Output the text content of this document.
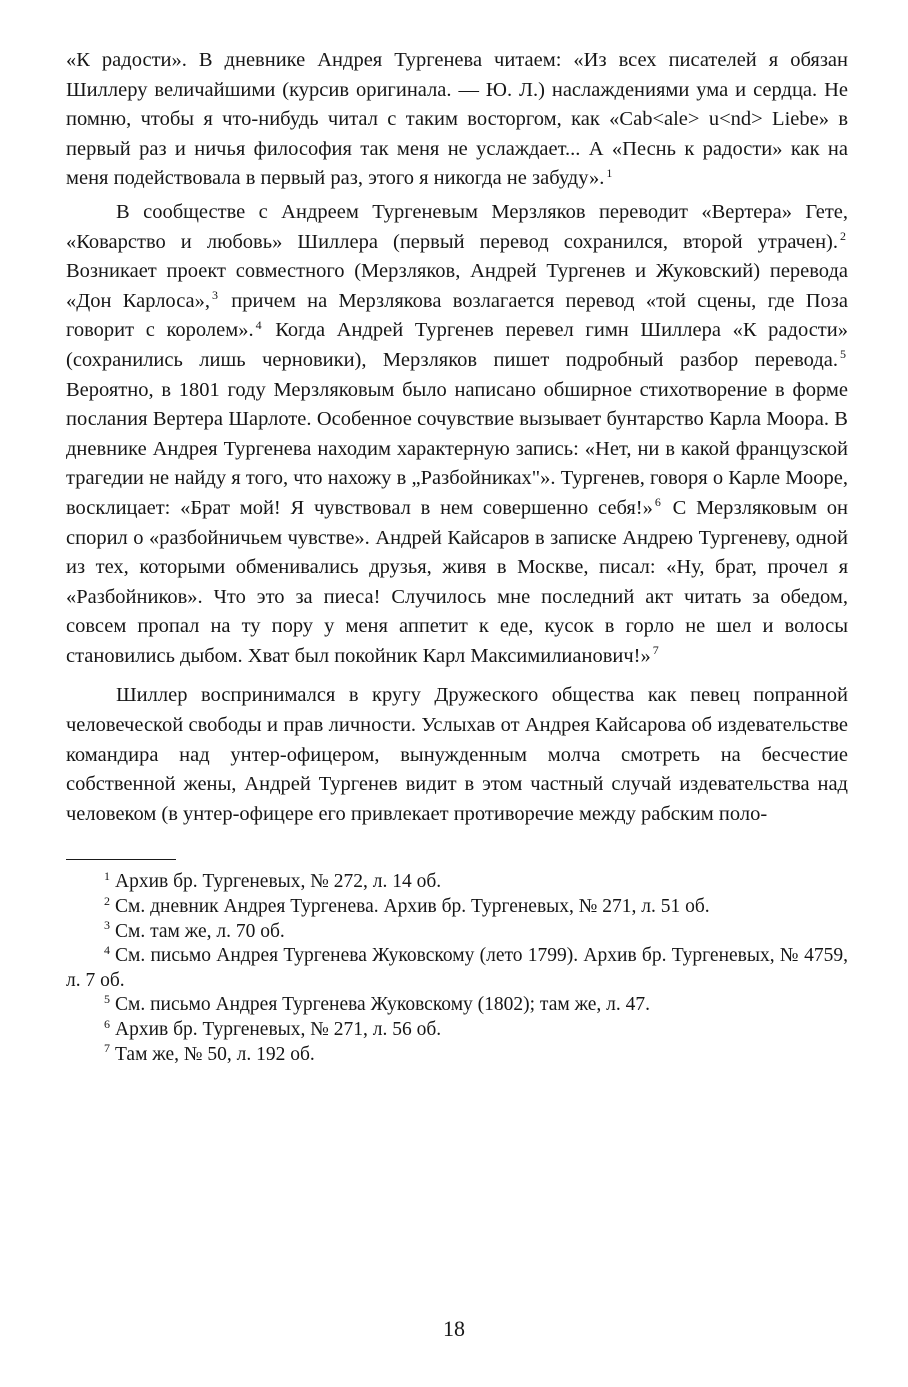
«К радости». В дневнике Андрея Тургенева читаем: «Из всех писателей я обязан Шиллеру величайшими (курсив оригинала. — Ю. Л.) наслаждениями ума и сердца. Не помню, чтобы я что-нибудь читал с таким восторгом, как «Cab<ale> u<nd> Liebe» в первый раз и ничья философия так меня не услаждает... А «Песнь к радости» как на меня подействовала в первый раз, этого я никогда не забуду». $^1$

В сообществе с Андреем Тургеневым Мерзляков переводит «Вертера» Гете, «Коварство и любовь» Шиллера (первый перевод сохранился, второй утрачен). $^2$ Возникает проект совместного (Мерзляков, Андрей Тургенев и Жуковский) перевода «Дон Карлоса», $^3$ причем на Мерзлякова возлагается перевод «той сцены, где Поза говорит с королем». $^4$ Когда Андрей Тургенев перевел гимн Шиллера «К радости» (сохранились лишь черновики), Мерзляков пишет подробный разбор перевода. $^5$ Вероятно, в 1801 году Мерзляковым было написано обширное стихотворение в форме послания Вертера Шарлоте. Особенное сочувствие вызывает бунтарство Карла Моора. В дневнике Андрея Тургенева находим характерную запись: «Нет, ни в какой французской трагедии не найду я того, что нахожу в „Разбойниках"». Тургенев, говоря о Карле Мооре, восклицает: «Брат мой! Я чувствовал в нем совершенно себя!» $^6$ С Мерзляковым он спорил о «разбойничьем чувстве». Андрей Кайсаров в записке Андрею Тургеневу, одной из тех, которыми обменивались друзья, живя в Москве, писал: «Ну, брат, прочел я «Разбойников». Что это за пиеса! Случилось мне последний акт читать за обедом, совсем пропал на ту пору у меня аппетит к еде, кусок в горло не шел и волосы становились дыбом. Хват был покойник Карл Максимилианович!» $^7$

Шиллер воспринимался в кругу Дружеского общества как певец попранной человеческой свободы и прав личности. Услыхав от Андрея Кайсарова об издевательстве командира над унтер-офицером, вынужденным молча смотреть на бесчестие собственной жены, Андрей Тургенев видит в этом частный случай издевательства над человеком (в унтер-офицере его привлекает противоречие между рабским поло-

$^1$ Архив бр. Тургеневых, № 272, л. 14 об.

$^2$ См. дневник Андрея Тургенева. Архив бр. Тургеневых, № 271, л. 51 об.

$^3$ См. там же, л. 70 об.

$^4$ См. письмо Андрея Тургенева Жуковскому (лето 1799). Архив бр. Тургеневых, № 4759, л. 7 об.

$^5$ См. письмо Андрея Тургенева Жуковскому (1802); там же, л. 47.

$^6$ Архив бр. Тургеневых, № 271, л. 56 об.

$^7$ Там же, № 50, л. 192 об.

18
